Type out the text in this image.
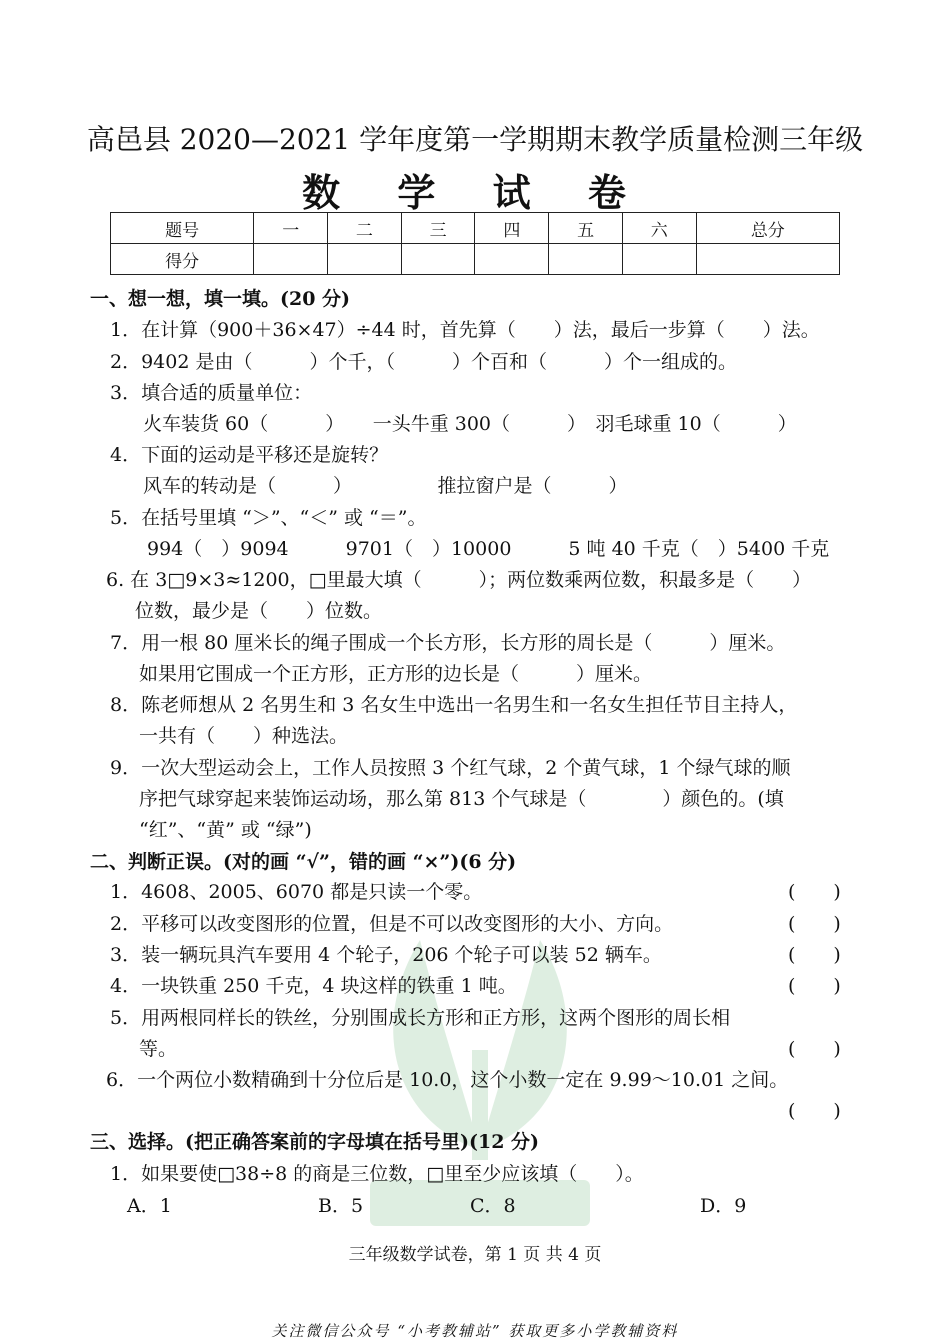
高邑县 2020—2021 学年度第一学期期末教学质量检测三年级
数 学 试 卷
题号	一	二	三	四	五	六	总分
得分							
一、想一想，填一填。(20 分)
1．在计算（900＋36×47）÷44 时，首先算（　　）法，最后一步算（　　）法。
2．9402 是由（　　　）个千，（　　　）个百和（　　　）个一组成的。
3．填合适的质量单位：
火车装货 60（　　　）　　一头牛重 300（　　　）　羽毛球重 10（　　　）
4．下面的运动是平移还是旋转？
风车的转动是（　　　）　　　　　推拉窗户是（　　　）
5．在括号里填 “＞”、“＜” 或 “＝”。
994（　）9094　　　9701（　）10000　　　5 吨 40 千克（　）5400 千克
6. 在 3□9×3≈1200，□里最大填（　　　）；两位数乘两位数，积最多是（　　）
位数，最少是（　　）位数。
7．用一根 80 厘米长的绳子围成一个长方形，长方形的周长是（　　　）厘米。
如果用它围成一个正方形，正方形的边长是（　　　）厘米。
8．陈老师想从 2 名男生和 3 名女生中选出一名男生和一名女生担任节目主持人，
一共有（　　）种选法。
9．一次大型运动会上，工作人员按照 3 个红气球，2 个黄气球，1 个绿气球的顺
序把气球穿起来装饰运动场，那么第 813 个气球是（　　　　）颜色的。(填
“红”、“黄” 或 “绿”)
二、判断正误。(对的画 “√”，错的画 “×”)(6 分)
1．4608、2005、6070 都是只读一个零。	(　　)
2．平移可以改变图形的位置，但是不可以改变图形的大小、方向。	(　　)
3．装一辆玩具汽车要用 4 个轮子，206 个轮子可以装 52 辆车。	(　　)
4．一块铁重 250 千克，4 块这样的铁重 1 吨。	(　　)
5．用两根同样长的铁丝，分别围成长方形和正方形，这两个图形的周长相
等。	(　　)
6．一个两位小数精确到十分位后是 10.0，这个小数一定在 9.99～10.01 之间。
(　　)
三、选择。(把正确答案前的字母填在括号里)(12 分)
1．如果要使□38÷8 的商是三位数，□里至少应该填（　　）。
A．1	B．5	C．8	D．9
三年级数学试卷，第 1 页 共 4 页
关注微信公众号 “小考教辅站” 获取更多小学教辅资料
